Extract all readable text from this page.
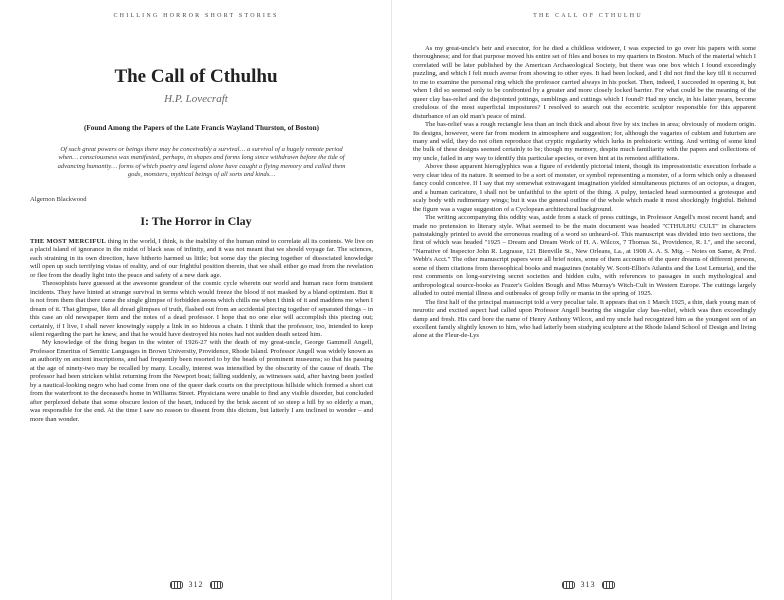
CHILLING HORROR SHORT STORIES
The Call of Cthulhu
H.P. Lovecraft
(Found Among the Papers of the Late Francis Wayland Thurston, of Boston)
Of such great powers or beings there may be conceivably a survival… a survival of a hugely remote period when… consciousness was manifested, perhaps, in shapes and forms long since withdrawn before the tide of advancing humanity… forms of which poetry and legend alone have caught a flying memory and called them gods, monsters, mythical beings of all sorts and kinds…
Algernon Blackwood
I: The Horror in Clay

THE MOST MERCIFUL thing in the world, I think, is the inability of the human mind to correlate all its contents. We live on a placid island of ignorance in the midst of black seas of infinity, and it was not meant that we should voyage far. The sciences, each straining in its own direction, have hitherto harmed us little; but some day the piecing together of dissociated knowledge will open up such terrifying vistas of reality, and of our frightful position therein, that we shall either go mad from the revelation or flee from the deadly light into the peace and safety of a new dark age.

Theosophists have guessed at the awesome grandeur of the cosmic cycle wherein our world and human race form transient incidents. They have hinted at strange survival in terms which would freeze the blood if not masked by a bland optimism. But it is not from them that there came the single glimpse of forbidden aeons which chills me when I think of it and maddens me when I dream of it. That glimpse, like all dread glimpses of truth, flashed out from an accidental piecing together of separated things – in this case an old newspaper item and the notes of a dead professor. I hope that no one else will accomplish this piecing out; certainly, if I live, I shall never knowingly supply a link in so hideous a chain. I think that the professor, too, intended to keep silent regarding the part he knew, and that he would have destroyed his notes had not sudden death seized him.

My knowledge of the thing began in the winter of 1926-27 with the death of my great-uncle, George Gammell Angell, Professor Emeritus of Semitic Languages in Brown University, Providence, Rhode Island. Professor Angell was widely known as an authority on ancient inscriptions, and had frequently been resorted to by the heads of prominent museums; so that his passing at the age of ninety-two may be recalled by many. Locally, interest was intensified by the obscurity of the cause of death. The professor had been stricken whilst returning from the Newport boat; falling suddenly, as witnesses said, after having been jostled by a nautical-looking negro who had come from one of the queer dark courts on the precipitous hillside which formed a short cut from the waterfront to the deceased's home in Williams Street. Physicians were unable to find any visible disorder, but concluded after perplexed debate that some obscure lesion of the heart, induced by the brisk ascent of so steep a hill by so elderly a man, was responsible for the end. At the time I saw no reason to dissent from this dictum, but latterly I am inclined to wonder – and more than wonder.

312
THE CALL OF CTHULHU

As my great-uncle's heir and executor, for he died a childless widower, I was expected to go over his papers with some thoroughness; and for that purpose moved his entire set of files and boxes to my quarters in Boston. Much of the material which I correlated will be later published by the American Archaeological Society, but there was one box which I found exceedingly puzzling, and which I felt much averse from showing to other eyes. It had been locked, and I did not find the key till it occurred to me to examine the personal ring which the professor carried always in his pocket. Then, indeed, I succeeded in opening it, but when I did so seemed only to be confronted by a greater and more closely locked barrier. For what could be the meaning of the queer clay bas-relief and the disjointed jottings, ramblings and cuttings which I found? Had my uncle, in his latter years, become credulous of the most superficial impostures? I resolved to search out the eccentric sculptor responsible for this apparent disturbance of an old man's peace of mind.

The bas-relief was a rough rectangle less than an inch thick and about five by six inches in area; obviously of modern origin. Its designs, however, were far from modern in atmosphere and suggestion; for, although the vagaries of cubism and futurism are many and wild, they do not often reproduce that cryptic regularity which lurks in prehistoric writing. And writing of some kind the bulk of these designs seemed certainly to be; though my memory, despite much familiarity with the papers and collections of my uncle, failed in any way to identify this particular species, or even hint at its remotest affiliations.

Above these apparent hieroglyphics was a figure of evidently pictorial intent, though its impressionistic execution forbade a very clear idea of its nature. It seemed to be a sort of monster, or symbol representing a monster, of a form which only a diseased fancy could conceive. If I say that my somewhat extravagant imagination yielded simultaneous pictures of an octopus, a dragon, and a human caricature, I shall not be unfaithful to the spirit of the thing. A pulpy, tentacled head surmounted a grotesque and scaly body with rudimentary wings; but it was the general outline of the whole which made it most shockingly frightful. Behind the figure was a vague suggestion of a Cyclopean architectural background.

The writing accompanying this oddity was, aside from a stack of press cuttings, in Professor Angell's most recent hand; and made no pretension to literary style. What seemed to be the main document was headed "CTHULHU CULT" in characters painstakingly printed to avoid the erroneous reading of a word so unheard-of. This manuscript was divided into two sections, the first of which was headed "1925 – Dream and Dream Work of H. A. Wilcox, 7 Thomas St., Providence, R. I.", and the second, "Narrative of Inspector John R. Legrasse, 121 Bienville St., New Orleans, La., at 1908 A. A. S. Mtg. – Notes on Same, & Prof. Webb's Acct." The other manuscript papers were all brief notes, some of them accounts of the queer dreams of different persons, some of them citations from theosophical books and magazines (notably W. Scott-Elliot's Atlantis and the Lost Lemuria), and the rest comments on long-surviving secret societies and hidden cults, with references to passages in such mythological and anthropological source-books as Frazer's Golden Bough and Miss Murray's Witch-Cult in Western Europe. The cuttings largely alluded to outré mental illness and outbreaks of group folly or mania in the spring of 1925.

The first half of the principal manuscript told a very peculiar tale. It appears that on 1 March 1925, a thin, dark young man of neurotic and excited aspect had called upon Professor Angell bearing the singular clay bas-relief, which was then exceedingly damp and fresh. His card bore the name of Henry Anthony Wilcox, and my uncle had recognized him as the youngest son of an excellent family slightly known to him, who had latterly been studying sculpture at the Rhode Island School of Design and living alone at the Fleur-de-Lys

313
